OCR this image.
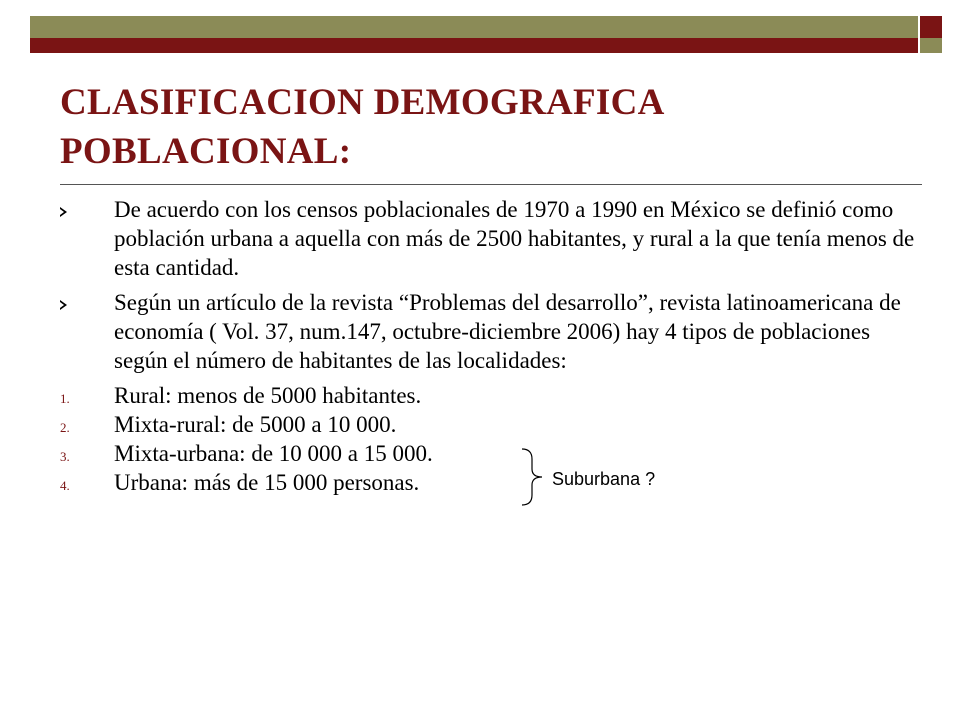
CLASIFICACION DEMOGRAFICA
POBLACIONAL:
De acuerdo con los censos poblacionales de 1970 a 1990 en México se definió como población urbana a aquella con más de 2500 habitantes, y rural a la que tenía menos de esta cantidad.
Según un artículo de la revista “Problemas del desarrollo”, revista latinoamericana de economía ( Vol. 37, num.147, octubre-diciembre 2006) hay 4 tipos de poblaciones según el número de habitantes de las localidades:
1. Rural: menos de 5000 habitantes.
2. Mixta-rural: de 5000 a 10 000.
3. Mixta-urbana: de 10 000 a 15 000.
4. Urbana: más de 15 000 personas.	Suburbana ?
